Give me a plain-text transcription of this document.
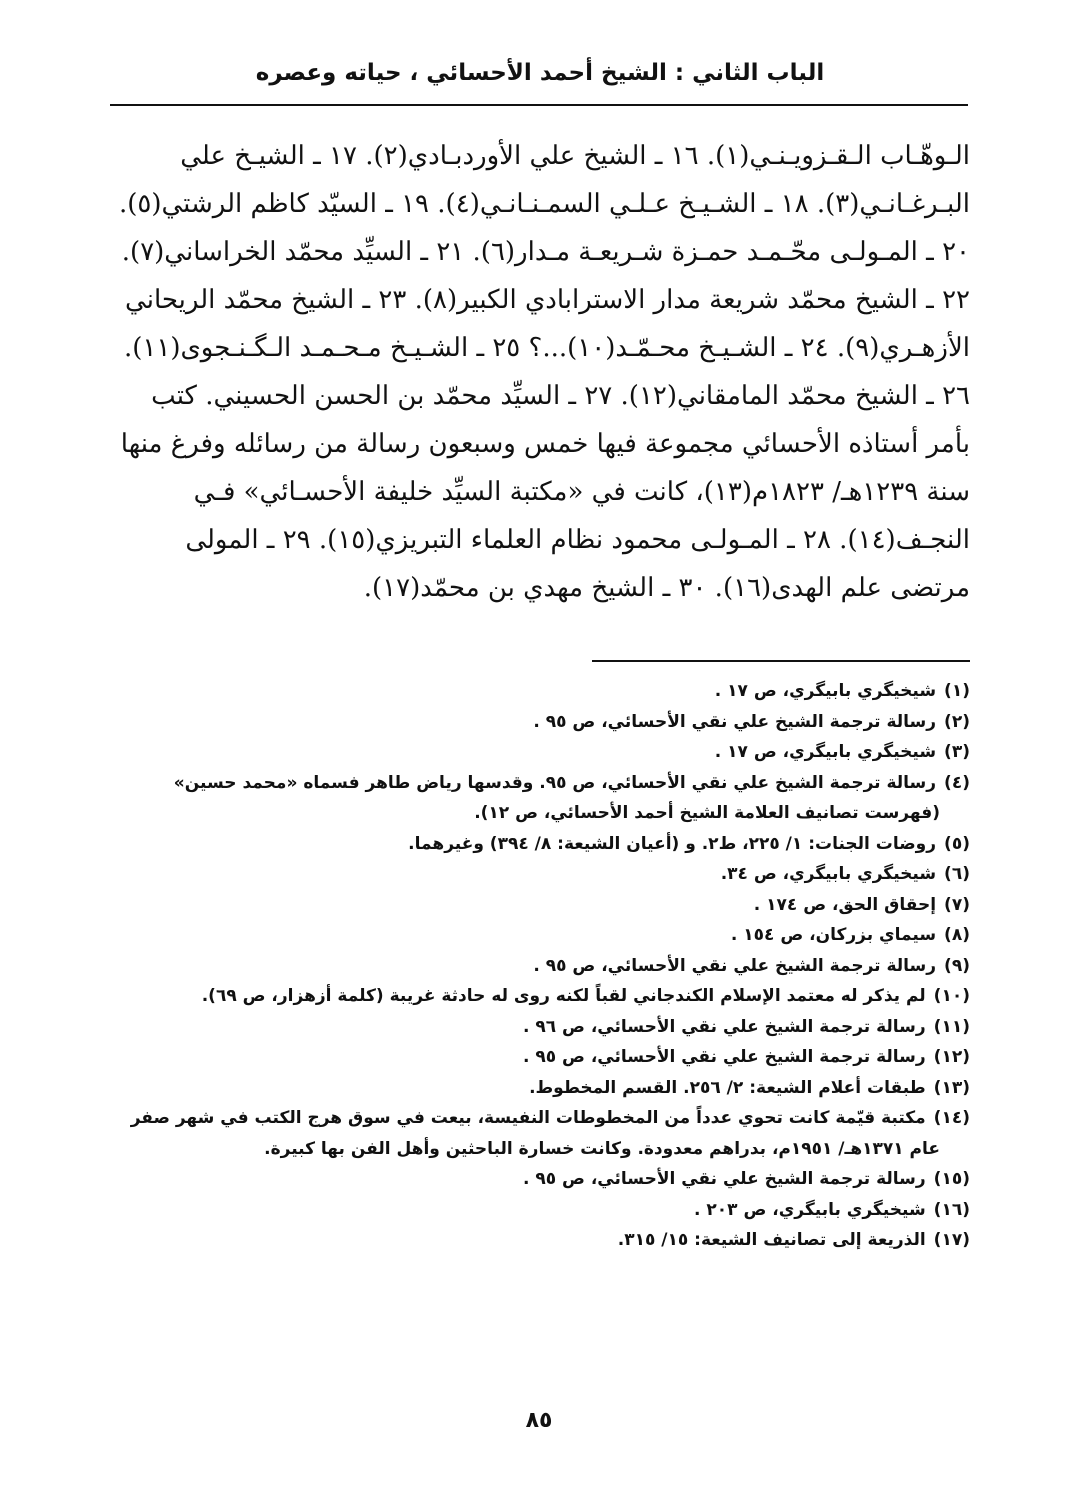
الباب الثاني : الشيخ أحمد الأحسائي ، حياته وعصره
الـوهّـاب الـقـزويـنـي(١). ١٦ ـ الشيخ علي الأوردبـادي(٢). ١٧ ـ الشيـخ علي
البـرغـانـي(٣). ١٨ ـ الشـيـخ عـلـي السمـنـانـي(٤). ١٩ ـ السيّد كاظم الرشتي(٥).
٢٠ ـ المـولـى محّـمـد حمـزة شـريعـة مـدار(٦). ٢١ ـ السيِّد محمّد الخراساني(٧).
٢٢ ـ الشيخ محمّد شريعة مدار الاسترابادي الكبير(٨). ٢٣ ـ الشيخ محمّد الريحاني
الأزهـري(٩). ٢٤ ـ الشـيـخ محـمّـد(١٠)...؟ ٢٥ ـ الشـيـخ مـحـمـد الـگـنـجوى(١١).
٢٦ ـ الشيخ محمّد المامقاني(١٢). ٢٧ ـ السيِّد محمّد بن الحسن الحسيني. كتب
بأمر أستاذه الأحسائي مجموعة فيها خمس وسبعون رسالة من رسائله وفرغ منها
سنة ١٢٣٩هـ/ ١٨٢٣م(١٣)، كانت في «مكتبة السيِّد خليفة الأحسـائي» فـي
النجـف(١٤). ٢٨ ـ المـولـى محمود نظام العلماء التبريزي(١٥). ٢٩ ـ المولى
مرتضى علم الهدى(١٦). ٣٠ ـ الشيخ مهدي بن محمّد(١٧).
(١)شيخيگري بابيگري، ص ١٧ .
(٢)رسالة ترجمة الشيخ علي نقي الأحسائي، ص ٩٥ .
(٣)شيخيگري بابيگري، ص ١٧ .
(٤)رسالة ترجمة الشيخ علي نقي الأحسائي، ص ٩٥. وقدسها رياض طاهر فسماه «محمد حسين»
(فهرست تصانيف العلامة الشيخ أحمد الأحسائي، ص ١٢).
(٥)روضات الجنات: ١/ ٢٢٥، ط٢. و (أعيان الشيعة: ٨/ ٣٩٤) وغيرهما.
(٦)شيخيگري بابيگري، ص ٣٤.
(٧)إحقاق الحق، ص ١٧٤ .
(٨)سيماي بزركان، ص ١٥٤ .
(٩)رسالة ترجمة الشيخ علي نقي الأحسائي، ص ٩٥ .
(١٠)لم يذكر له معتمد الإسلام الكندجاني لقباً لكنه روى له حادثة غريبة (كلمة أزهزار، ص ٦٩).
(١١)رسالة ترجمة الشيخ علي نقي الأحسائي، ص ٩٦ .
(١٢)رسالة ترجمة الشيخ علي نقي الأحسائي، ص ٩٥ .
(١٣)طبقات أعلام الشيعة: ٢/ ٢٥٦. القسم المخطوط.
(١٤)مكتبة قيّمة كانت تحوي عدداً من المخطوطات النفيسة، بيعت في سوق هرج الكتب في شهر صفر
عام ١٣٧١هـ/ ١٩٥١م، بدراهم معدودة. وكانت خسارة الباحثين وأهل الفن بها كبيرة.
(١٥)رسالة ترجمة الشيخ علي نقي الأحسائي، ص ٩٥ .
(١٦)شيخيگري بابيگري، ص ٢٠٣ .
(١٧)الذريعة إلى تصانيف الشيعة: ١٥/ ٣١٥.
٨٥
